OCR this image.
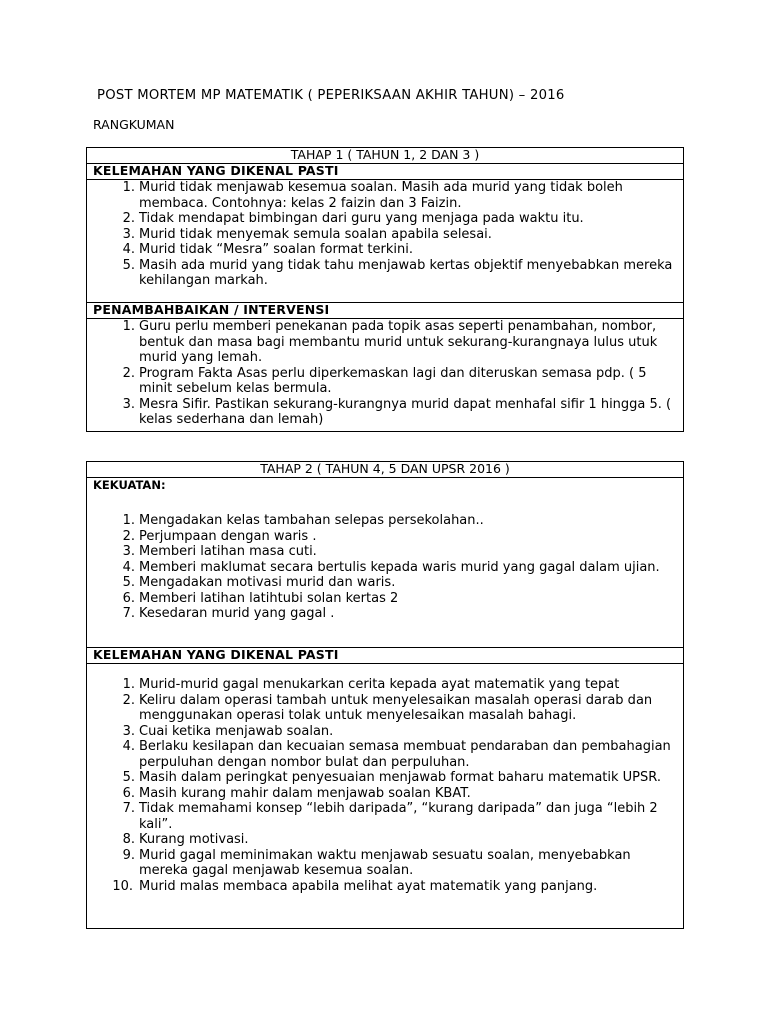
POST MORTEM MP MATEMATIK ( PEPERIKSAAN AKHIR TAHUN) – 2016
RANGKUMAN
TAHAP 1 ( TAHUN 1, 2 DAN 3 )
KELEMAHAN YANG DIKENAL PASTI
1. Murid tidak menjawab kesemua soalan. Masih ada murid yang tidak boleh membaca. Contohnya: kelas 2 faizin dan 3 Faizin.
2. Tidak mendapat bimbingan dari guru yang menjaga pada waktu itu.
3. Murid tidak menyemak semula soalan apabila selesai.
4. Murid tidak “Mesra” soalan format terkini.
5. Masih ada murid yang tidak tahu menjawab kertas objektif menyebabkan mereka kehilangan markah.
PENAMBAHBAIKAN / INTERVENSI
1. Guru perlu memberi penekanan pada topik asas seperti penambahan, nombor, bentuk dan masa bagi membantu murid untuk sekurang-kurangnaya lulus utuk murid yang lemah.
2. Program Fakta Asas perlu diperkemaskan lagi dan diteruskan semasa pdp. ( 5 minit sebelum kelas bermula.
3. Mesra Sifir. Pastikan sekurang-kurangnya murid dapat menhafal sifir 1 hingga 5. ( kelas sederhana dan lemah)
TAHAP 2 ( TAHUN 4, 5 DAN UPSR 2016 )
KEKUATAN:
1. Mengadakan kelas tambahan selepas persekolahan..
2. Perjumpaan dengan waris .
3. Memberi latihan masa cuti.
4. Memberi maklumat secara bertulis kepada waris murid yang gagal dalam ujian.
5. Mengadakan motivasi murid dan waris.
6. Memberi latihan latihtubi solan kertas 2
7. Kesedaran murid yang gagal .
KELEMAHAN YANG DIKENAL PASTI
1. Murid-murid gagal menukarkan cerita kepada ayat matematik yang tepat
2. Keliru dalam operasi tambah untuk menyelesaikan masalah operasi darab dan menggunakan operasi tolak untuk menyelesaikan masalah bahagi.
3. Cuai ketika menjawab soalan.
4. Berlaku kesilapan dan kecuaian semasa membuat pendaraban dan pembahagian perpuluhan dengan nombor bulat dan perpuluhan.
5. Masih dalam peringkat penyesuaian menjawab format baharu matematik UPSR.
6. Masih kurang mahir dalam menjawab soalan KBAT.
7. Tidak memahami konsep “lebih daripada”, “kurang daripada” dan juga “lebih 2 kali”.
8. Kurang motivasi.
9. Murid gagal meminimakan waktu menjawab sesuatu soalan, menyebabkan mereka gagal menjawab kesemua soalan.
10. Murid malas membaca apabila melihat ayat matematik yang panjang.
